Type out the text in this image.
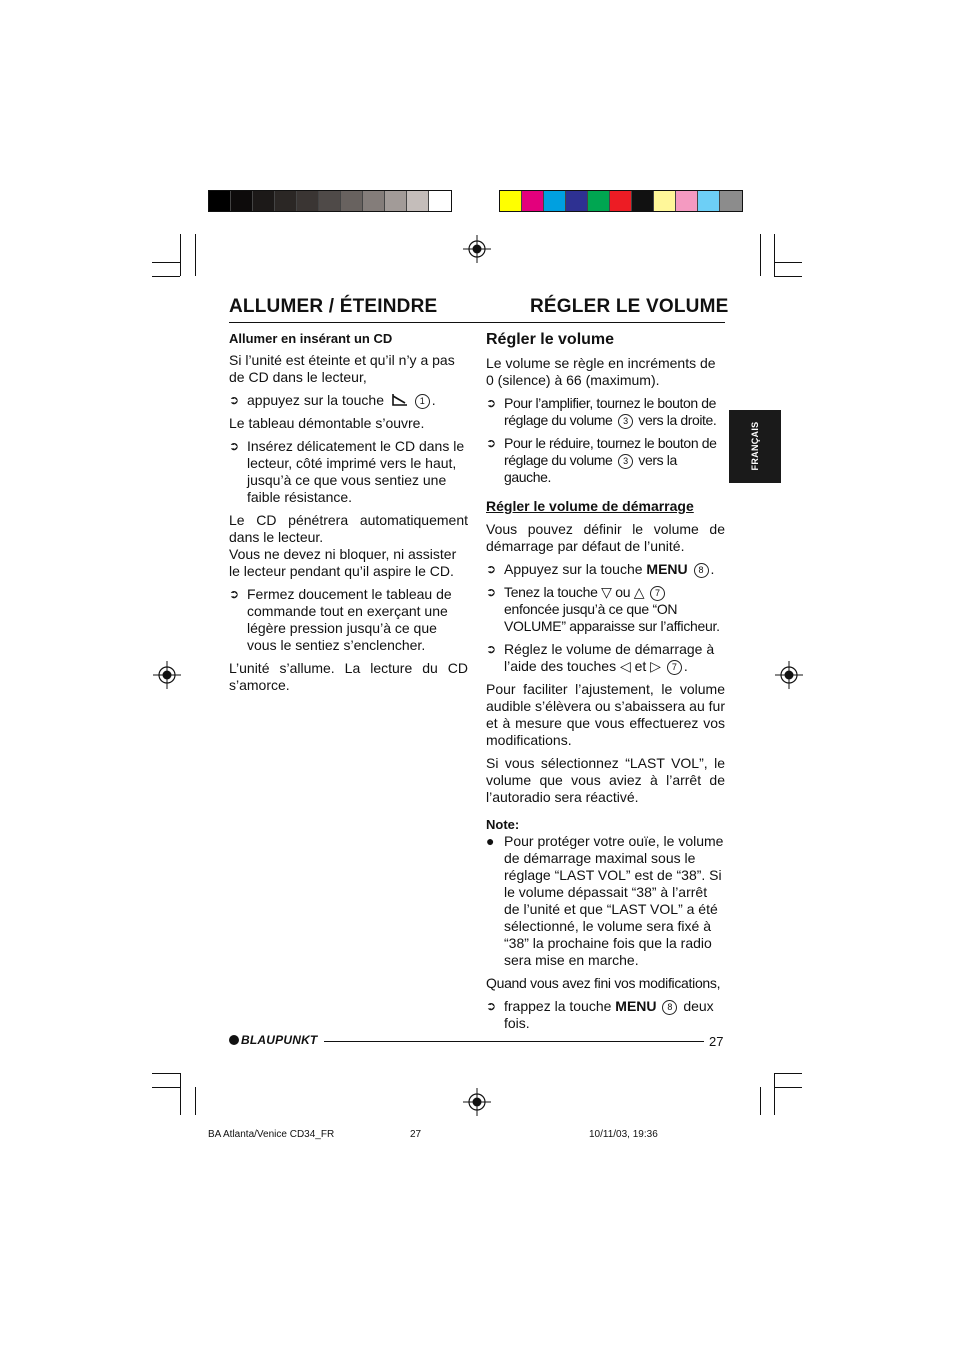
ALLUMER / ÉTEINDRE	RÉGLER LE VOLUME
FRANÇAIS

Allumer en insérant un CD

Si l’unité est éteinte et qu’il n’y a pas de CD dans le lecteur,

➲ appuyez sur la touche	1 .

Le tableau démontable s’ouvre.

➲ Insérez délicatement le CD dans le lecteur, côté imprimé vers le haut, jusqu’à ce que vous sentiez une faible résistance.

Le CD pénétrera automatiquement dans le lecteur.

Vous ne devez ni bloquer, ni assister le lecteur pendant qu’il aspire le CD.

➲ Fermez doucement le tableau de commande tout en exerçant une légère pression jusqu’à ce que vous le sentiez s’enclencher.

L’unité s’allume. La lecture du CD s’amorce.

Régler le volume

Le volume se règle en incréments de 0 (silence) à 66 (maximum).

➲ Pour l’amplifier, tournez le bouton de réglage du volume 3 vers la droite.
➲ Pour le réduire, tournez le bouton de réglage du volume 3 vers la gauche.

Régler le volume de démarrage

Vous pouvez définir le volume de démarrage par défaut de l’unité.

➲ Appuyez sur la touche MENU 8 .
➲ Tenez la touche ▽ ou △ 7 enfoncée jusqu’à ce que “ON VOLUME” apparaisse sur l’afficheur.
➲ Réglez le volume de démarrage à l’aide des touches ◁ et ▷ 7 .

Pour faciliter l’ajustement, le volume audible s’élèvera ou s’abaissera au fur et à mesure que vous effectuerez vos modifications.

Si vous sélectionnez “LAST VOL”, le volume que vous aviez à l’arrêt de l’autoradio sera réactivé.

Note:

● Pour protéger votre ouïe, le volume de démarrage maximal sous le réglage “LAST VOL” est de “38”. Si le volume dépassait “38” à l’arrêt de l’unité et que “LAST VOL” a été sélectionné, le volume sera fixé à “38” la prochaine fois que la radio sera mise en marche.

Quand vous avez fini vos modifications,

➲ frappez la touche MENU 8 deux fois.
BLAUPUNKT	27
BA Atlanta/Venice CD34_FR	27	10/11/03, 19:36
